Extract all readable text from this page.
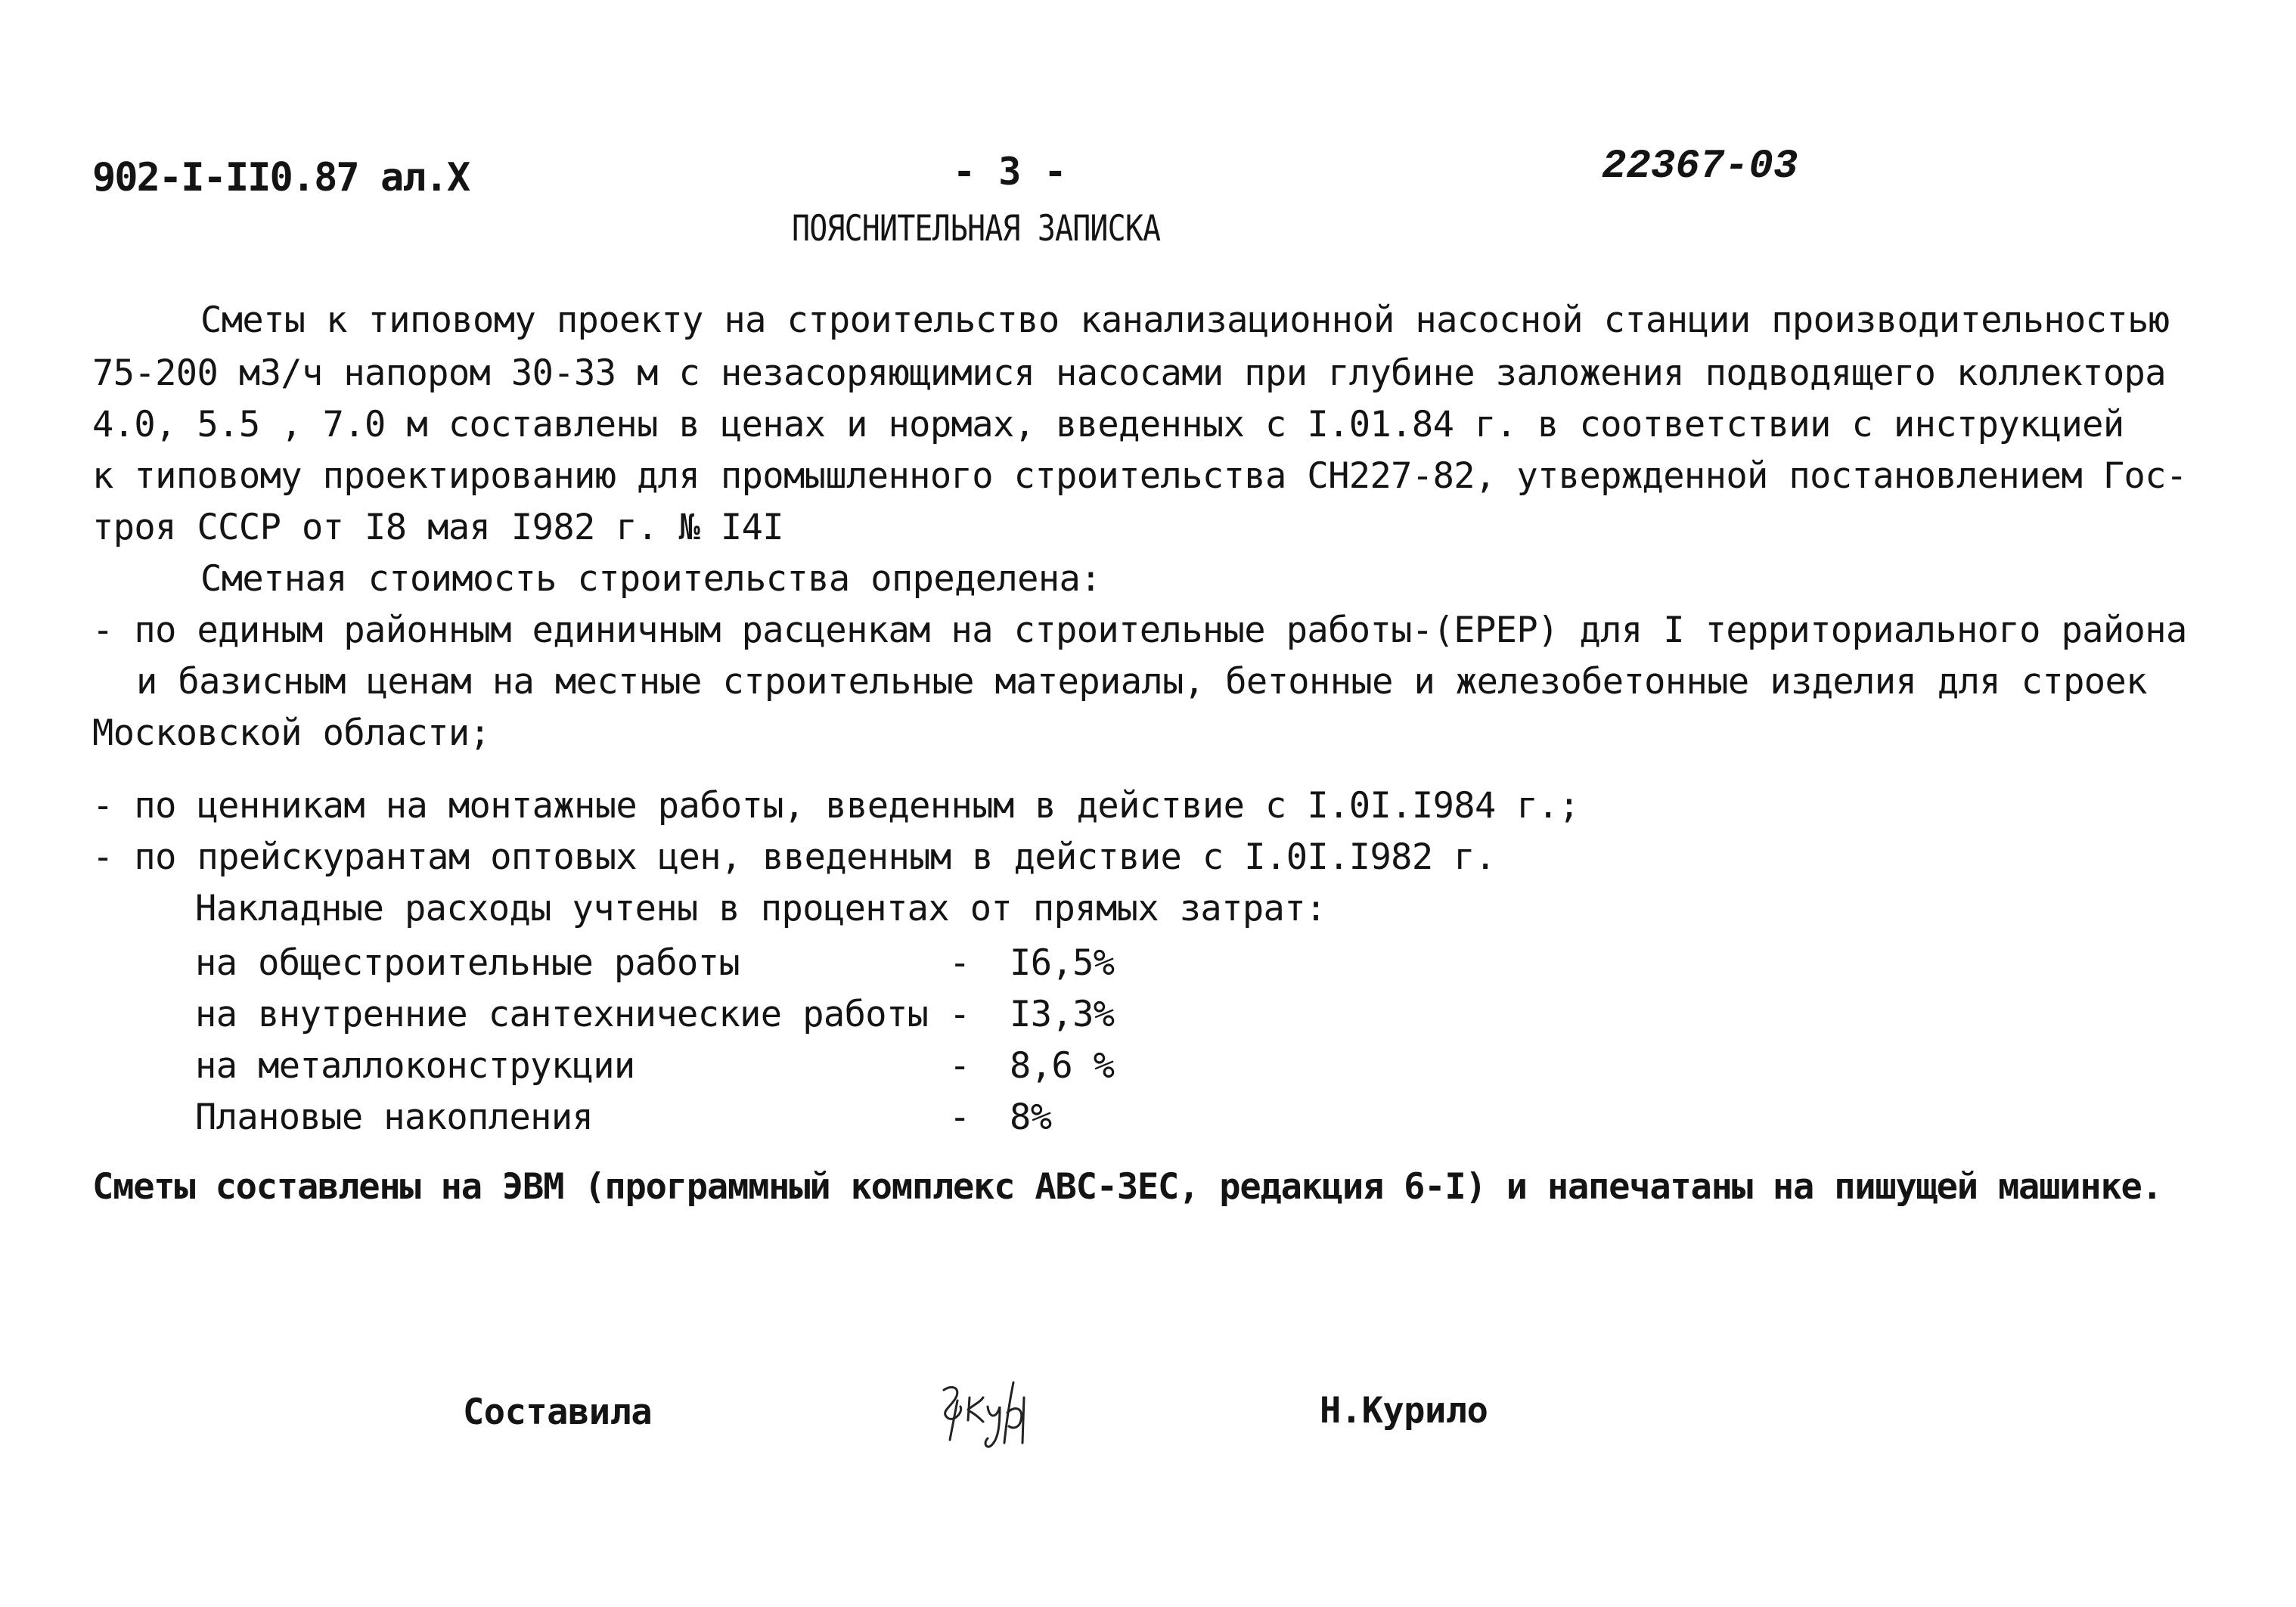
902-I-II0.87 ал.X	- 3 -	22367-03
ПОЯСНИТЕЛЬНАЯ ЗАПИСКА
Сметы к типовому проекту на строительство канализационной насосной станции производительностью
75-200 м3/ч напором 30-33 м с незасоряющимися насосами при глубине заложения подводящего коллектора
4.0, 5.5 , 7.0 м составлены в ценах и нормах, введенных с I.01.84 г. в соответствии с инструкцией
к типовому проектированию для промышленного строительства СН227-82, утвержденной постановлением Гос-
троя СССР от I8 мая I982 г. № I4I
Сметная стоимость строительства определена:
- по единым районным единичным расценкам на строительные работы-(ЕРЕР) для I территориального района
и базисным ценам на местные строительные материалы, бетонные и железобетонные изделия для строек
Московской области;
- по ценникам на монтажные работы, введенным в действие с I.0I.I984 г.;
- по прейскурантам оптовых цен, введенным в действие с I.0I.I982 г.
Накладные расходы учтены в процентах от прямых затрат:
на общестроительные работы	- I6,5%
на внутренние сантехнические работы - I3,3%
на металлоконструкции	- 8,6 %
Плановые накопления	- 8%
Сметы составлены на ЭВМ (программный комплекс АВС-3ЕС, редакция 6-I) и напечатаны на пишущей машинке.
Составила	Н.Курило
